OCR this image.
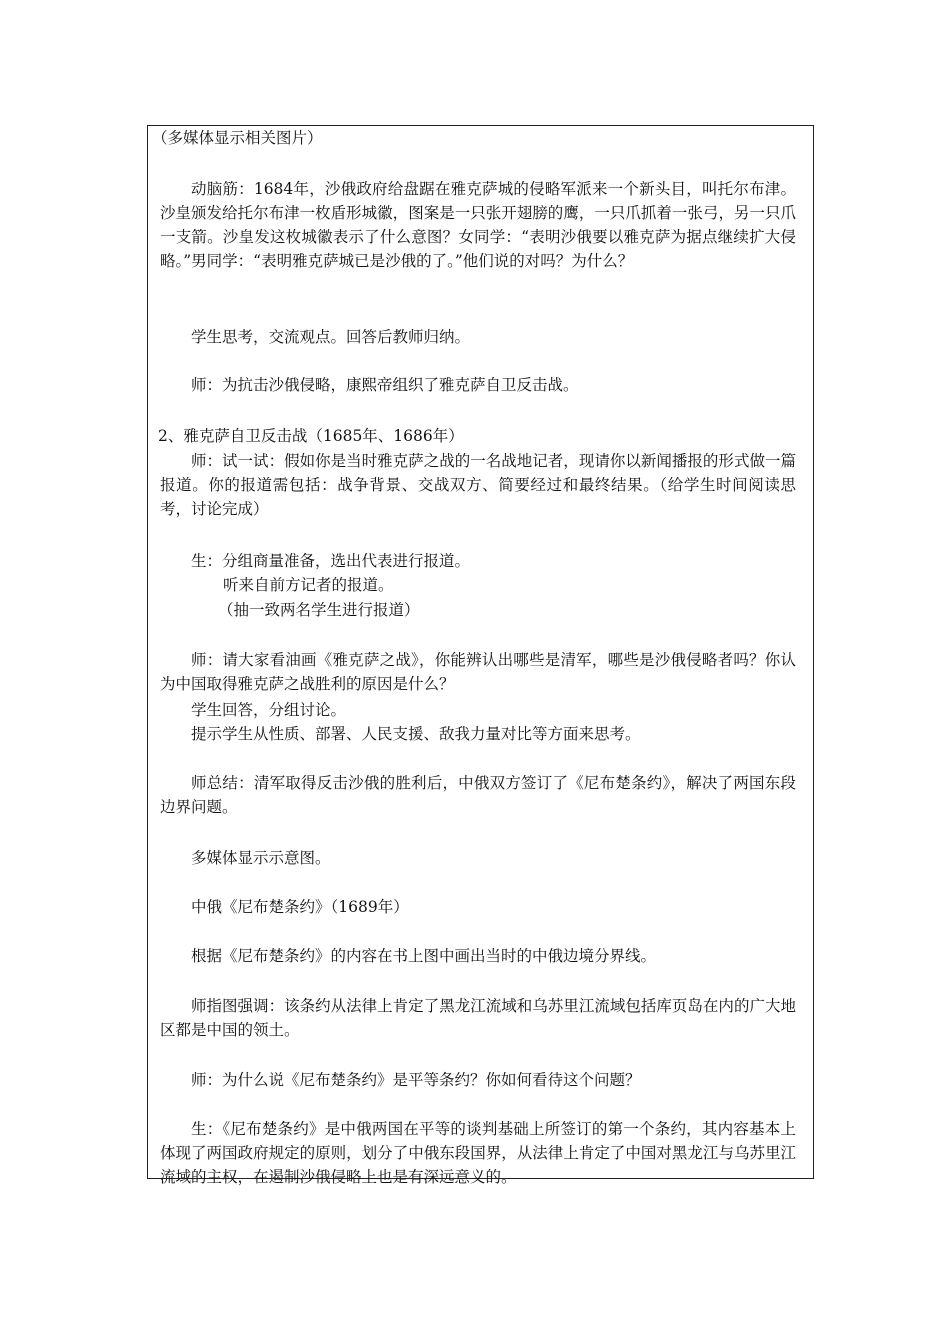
（多媒体显示相关图片）

动脑筋：1684年，沙俄政府给盘踞在雅克萨城的侵略军派来一个新头目，叫托尔布津。沙皇颁发给托尔布津一枚盾形城徽，图案是一只张开翅膀的鹰，一只爪抓着一张弓，另一只爪一支箭。沙皇发这枚城徽表示了什么意图？女同学：“表明沙俄要以雅克萨为据点继续扩大侵略。”男同学：“表明雅克萨城已是沙俄的了。”他们说的对吗？为什么？

学生思考，交流观点。回答后教师归纳。

师：为抗击沙俄侵略，康熙帝组织了雅克萨自卫反击战。

2、雅克萨自卫反击战（1685年、1686年）

师：试一试：假如你是当时雅克萨之战的一名战地记者，现请你以新闻播报的形式做一篇报道。你的报道需包括：战争背景、交战双方、简要经过和最终结果。（给学生时间阅读思考，讨论完成）

生：分组商量准备，选出代表进行报道。

听来自前方记者的报道。
（抽一致两名学生进行报道）

师：请大家看油画《雅克萨之战》，你能辨认出哪些是清军，哪些是沙俄侵略者吗？你认为中国取得雅克萨之战胜利的原因是什么？

学生回答，分组讨论。

提示学生从性质、部署、人民支援、敌我力量对比等方面来思考。

师总结：清军取得反击沙俄的胜利后，中俄双方签订了《尼布楚条约》，解决了两国东段边界问题。

多媒体显示示意图。

中俄《尼布楚条约》（1689年）

根据《尼布楚条约》的内容在书上图中画出当时的中俄边境分界线。

师指图强调：该条约从法律上肯定了黑龙江流域和乌苏里江流域包括库页岛在内的广大地区都是中国的领土。

师：为什么说《尼布楚条约》是平等条约？你如何看待这个问题？

生：《尼布楚条约》是中俄两国在平等的谈判基础上所签订的第一个条约，其内容基本上体现了两国政府规定的原则，划分了中俄东段国界，从法律上肯定了中国对黑龙江与乌苏里江流域的主权，在遏制沙俄侵略上也是有深远意义的。
